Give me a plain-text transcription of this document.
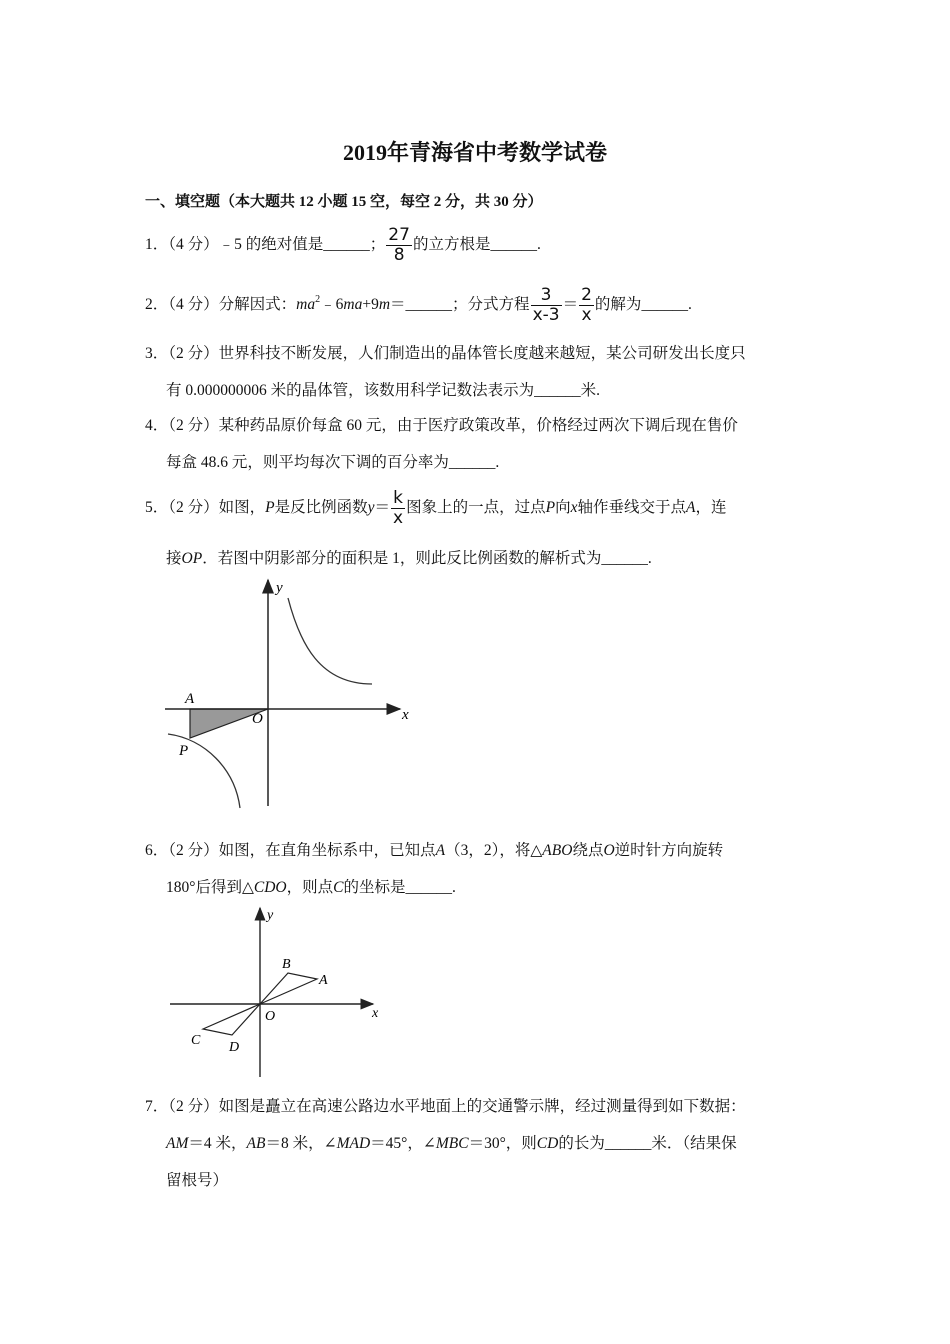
2019年青海省中考数学试卷
一、填空题（本大题共 12 小题 15 空，每空 2 分，共 30 分）
1．（4 分）﹣5 的绝对值是______； $\frac{27}{8}$ 的立方根是______.
2．（4 分）分解因式：$ma^2﹣6ma+9m=\_\_\_\_\_\_$；分式方程 $\frac{3}{x-3} = \frac{2}{x}$ 的解为______.
3．（2 分）世界科技不断发展，人们制造出的晶体管长度越来越短，某公司研发出长度只
有 0.000000006 米的晶体管，该数用科学记数法表示为______米.
4．（2 分）某种药品原价每盒 60 元，由于医疗政策改革，价格经过两次下调后现在售价
每盒 48.6 元，则平均每次下调的百分率为______.
5．（2 分）如图，P是反比例函数$y= \frac{k}{x}$ 图象上的一点，过点P向x轴作垂线交于点A，连
接OP．若图中阴影部分的面积是 1，则此反比例函数的解析式为______.
y
x
A
O
P
6．（2 分）如图，在直角坐标系中，已知点A（3，2），将△ABO绕点O逆时针方向旋转
180°后得到△CDO，则点C的坐标是______.
y
x
B
A
O
C D
7．（2 分）如图是矗立在高速公路边水平地面上的交通警示牌，经过测量得到如下数据：
AM＝4 米，AB＝8 米，∠MAD＝45°，∠MBC＝30°，则CD的长为______米．（结果保
留根号）
